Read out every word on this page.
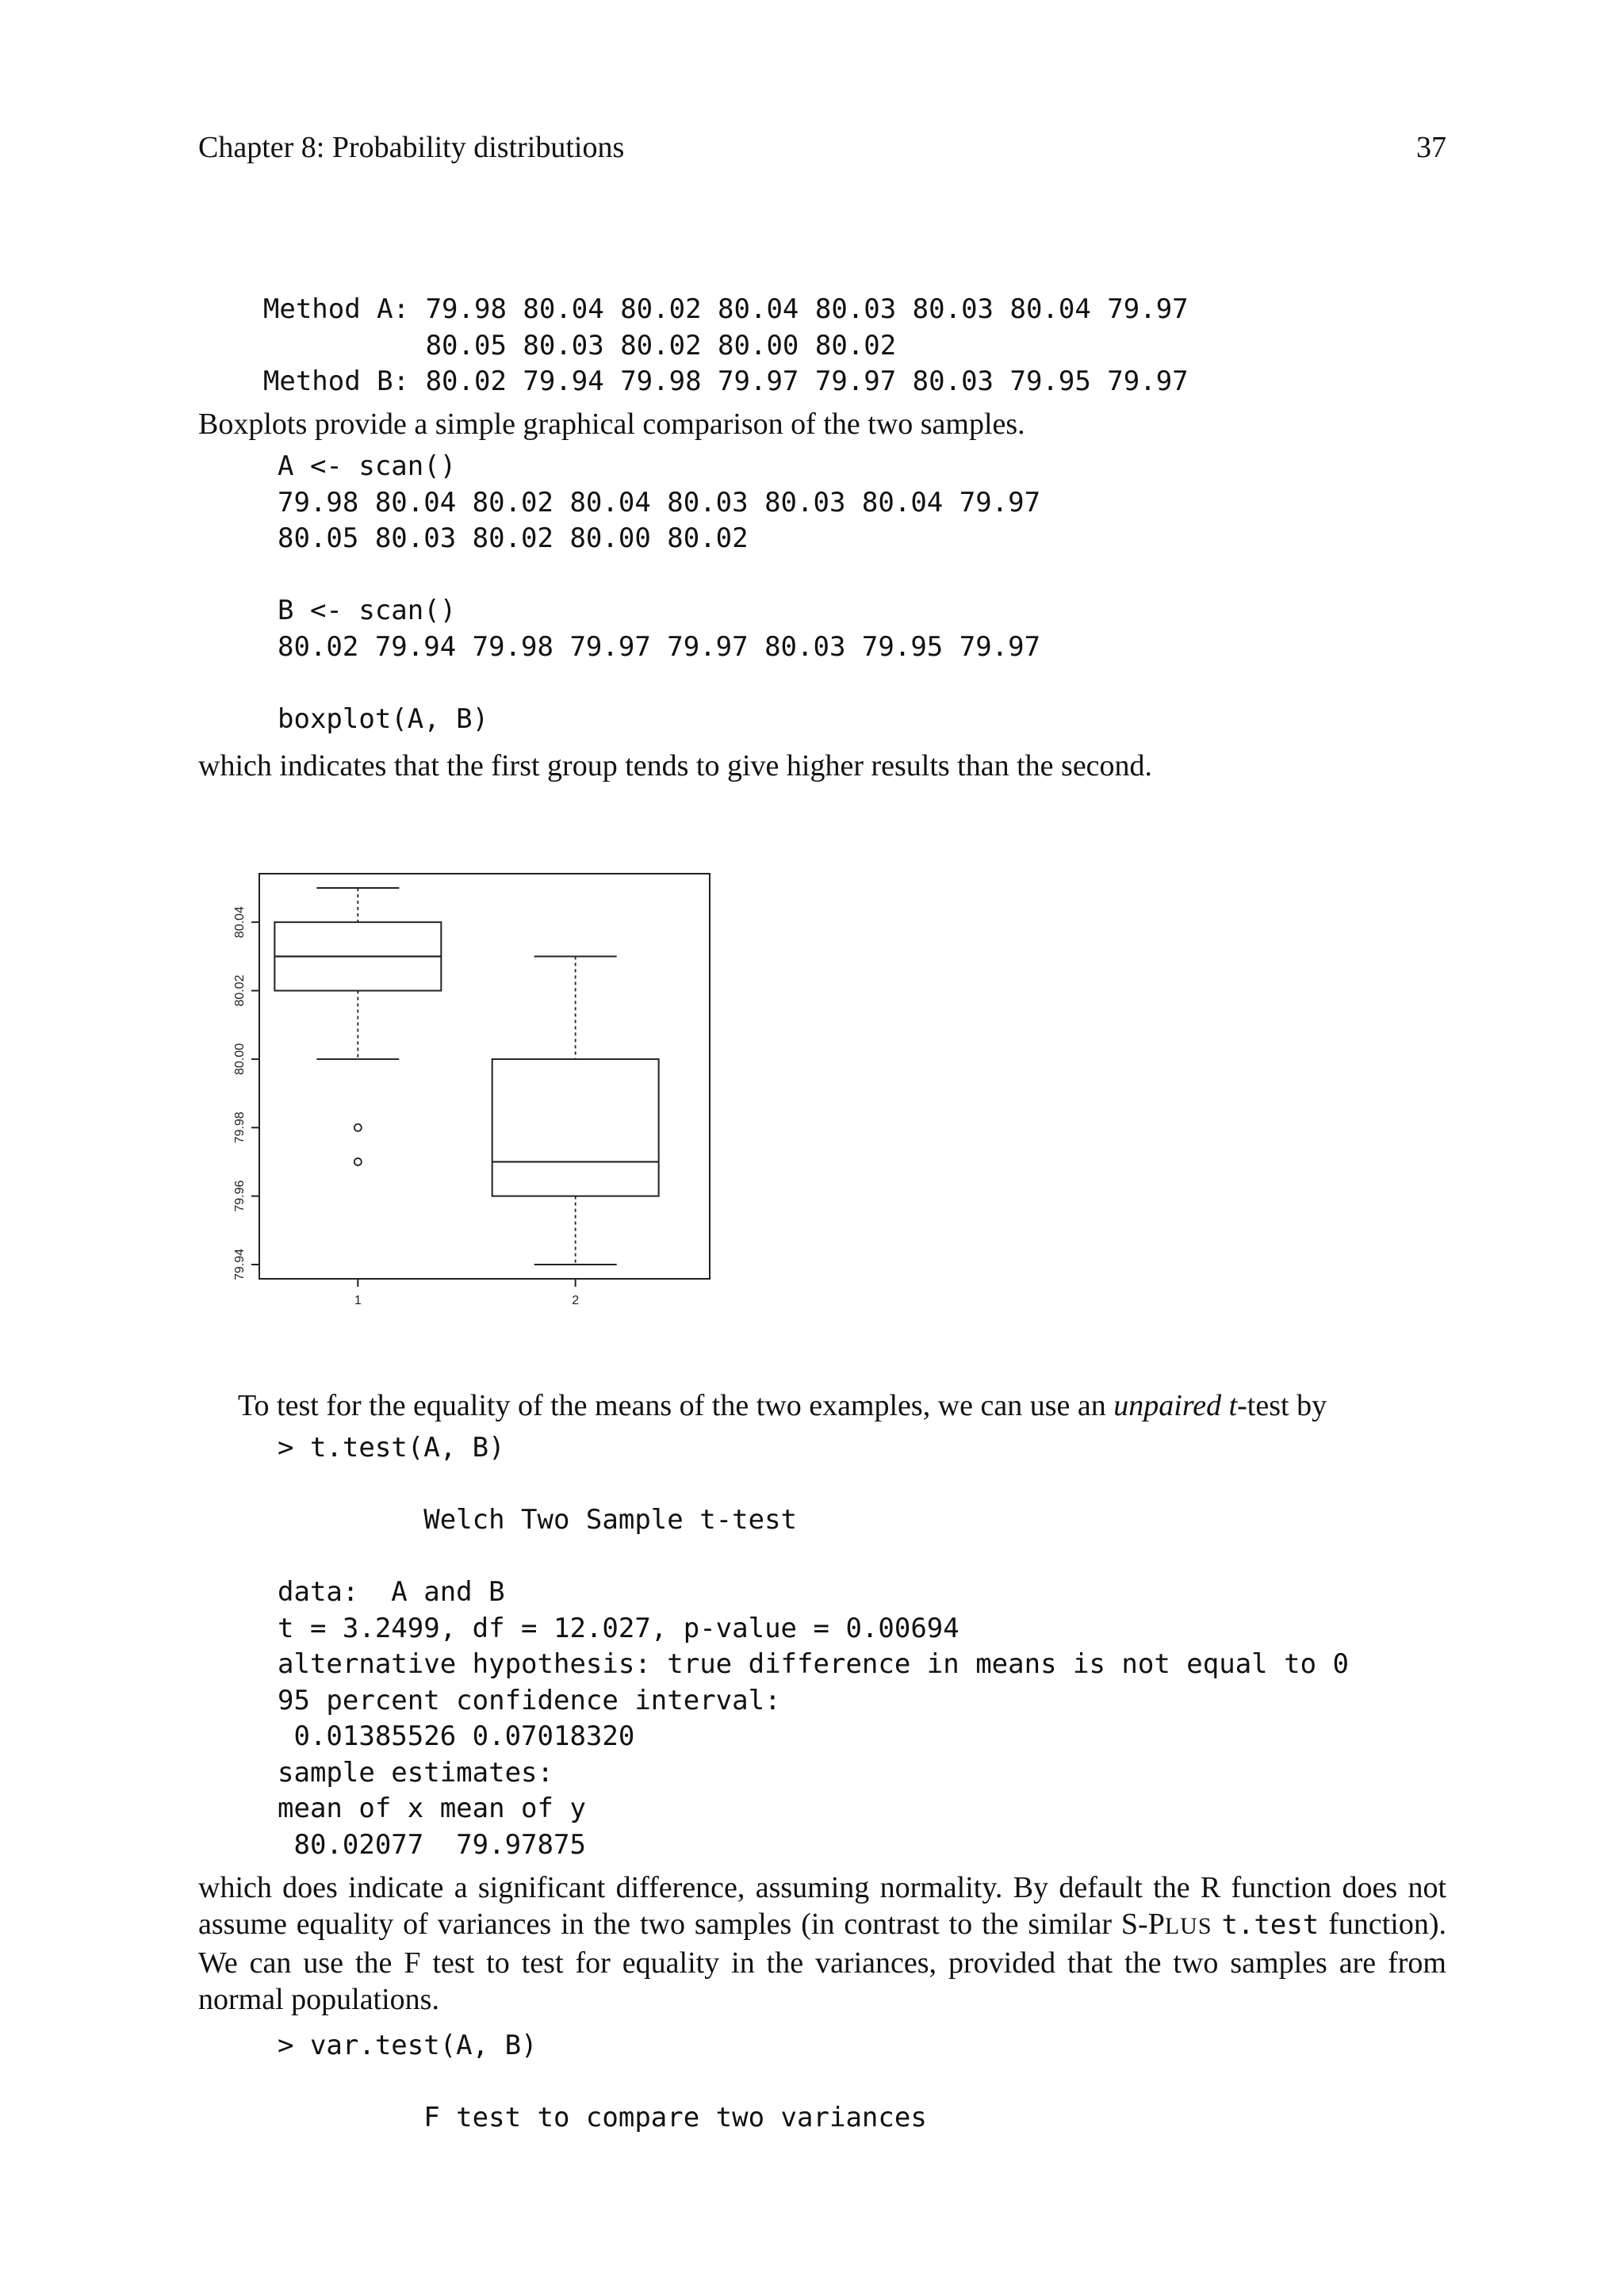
Chapter 8: Probability distributions	37
Method A: 79.98 80.04 80.02 80.04 80.03 80.03 80.04 79.97
80.05 80.03 80.02 80.00 80.02
Method B: 80.02 79.94 79.98 79.97 79.97 80.03 79.95 79.97

Boxplots provide a simple graphical comparison of the two samples.

A <- scan()
79.98 80.04 80.02 80.04 80.03 80.03 80.04 79.97
80.05 80.03 80.02 80.00 80.02

B <- scan()
80.02 79.94 79.98 79.97 79.97 80.03 79.95 79.97

boxplot(A, B)

which indicates that the first group tends to give higher results than the second.

79.94
79.96
79.98
80.00
80.02
80.04
1	2

To test for the equality of the means of the two examples, we can use an unpaired t-test by

> t.test(A, B)

Welch Two Sample t-test

data:  A and B
t = 3.2499, df = 12.027, p-value = 0.00694
alternative hypothesis: true difference in means is not equal to 0
95 percent confidence interval:
0.01385526 0.07018320
sample estimates:
mean of x mean of y
80.02077  79.97875

which does indicate a significant difference, assuming normality. By default the R function does not assume equality of variances in the two samples (in contrast to the similar S-PLUS t.test function). We can use the F test to test for equality in the variances, provided that the two samples are from normal populations.

> var.test(A, B)

F test to compare two variances
